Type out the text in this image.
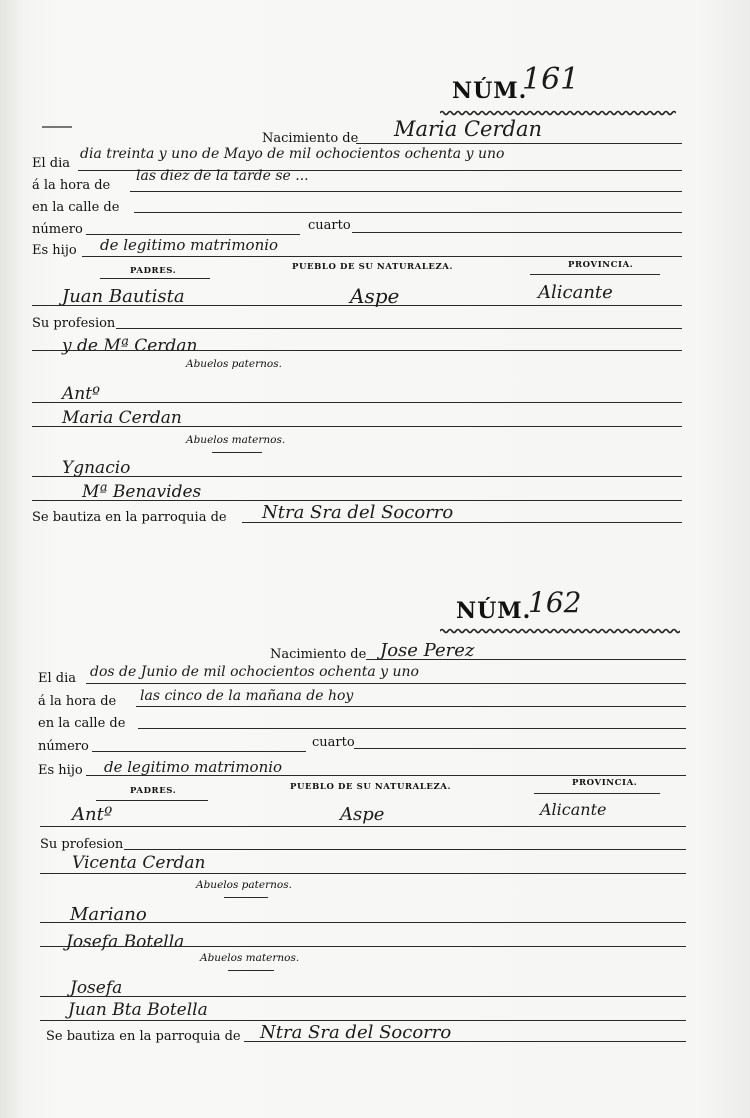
NÚM.
161
Nacimiento de Maria Cerdan
El dia
dia treinta y uno de Mayo de mil ochocientos ochenta y uno
á la hora de
las diez de la tarde se ...
en la calle de
número	cuarto
Es hijo de legitimo matrimonio
PADRES.	PUEBLO DE SU NATURALEZA.	PROVINCIA.
Juan Bautista	Aspe	Alicante
Su profesion
y de Mª Cerdan
Abuelos paternos.
Antº
Maria Cerdan
Abuelos maternos.
Ygnacio
Mª Benavides
Se bautiza en la parroquia de Ntra Sra del Socorro
NÚM.
162
Nacimiento de Jose Perez
El dia dos de Junio de mil ochocientos ochenta y uno
á la hora de las cinco de la mañana de hoy
en la calle de
número	cuarto
Es hijo de legitimo matrimonio
PADRES.	PUEBLO DE SU NATURALEZA.	PROVINCIA.
Antº	Aspe	Alicante
Su profesion
Vicenta Cerdan
Abuelos paternos.
Mariano
Josefa Botella
Abuelos maternos.
Josefa
Juan Bta Botella
Se bautiza en la parroquia de Ntra Sra del Socorro
